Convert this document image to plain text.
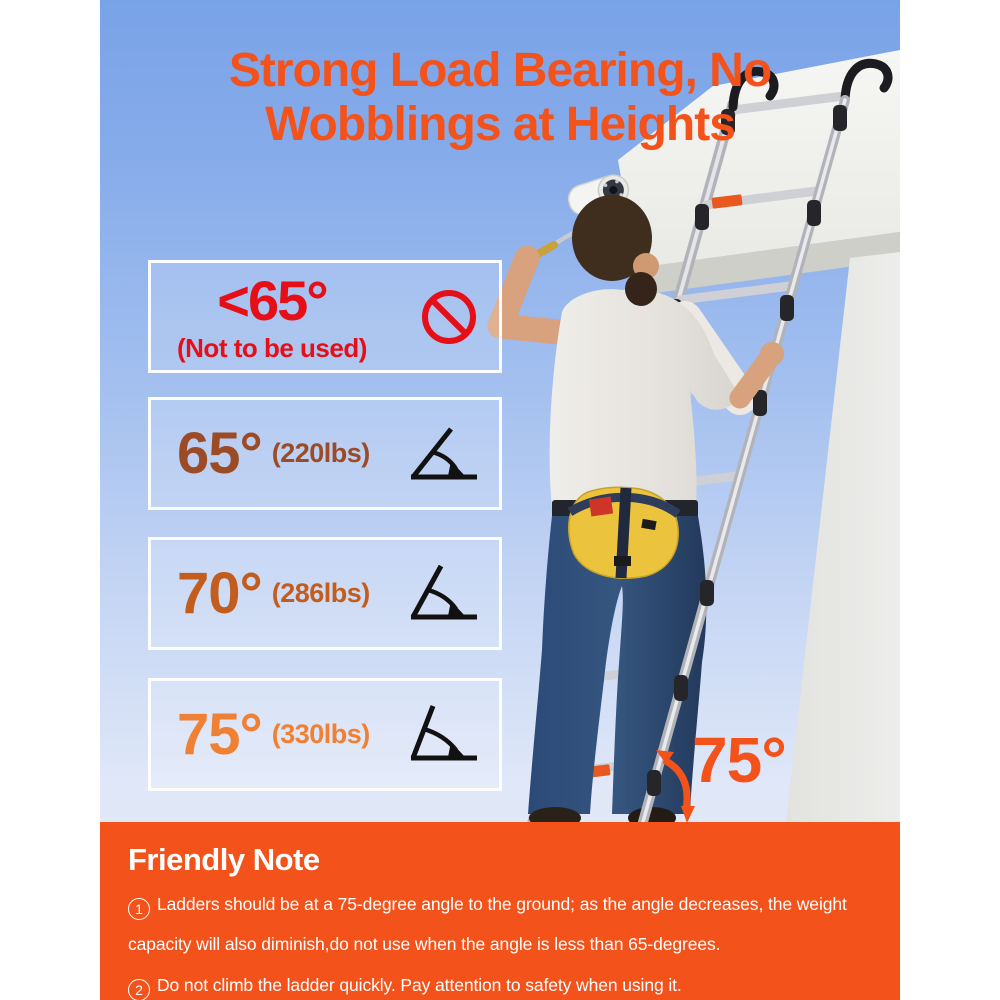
Strong Load Bearing, No
Wobblings at Heights
<65°
(Not to be used)
65° (220lbs)
70° (286lbs)
75° (330lbs)	75°

Friendly Note

1 Ladders should be at a 75-degree angle to the ground; as the angle decreases, the weight capacity will also diminish,do not use when the angle is less than 65-degrees.

2 Do not climb the ladder quickly. Pay attention to safety when using it.
